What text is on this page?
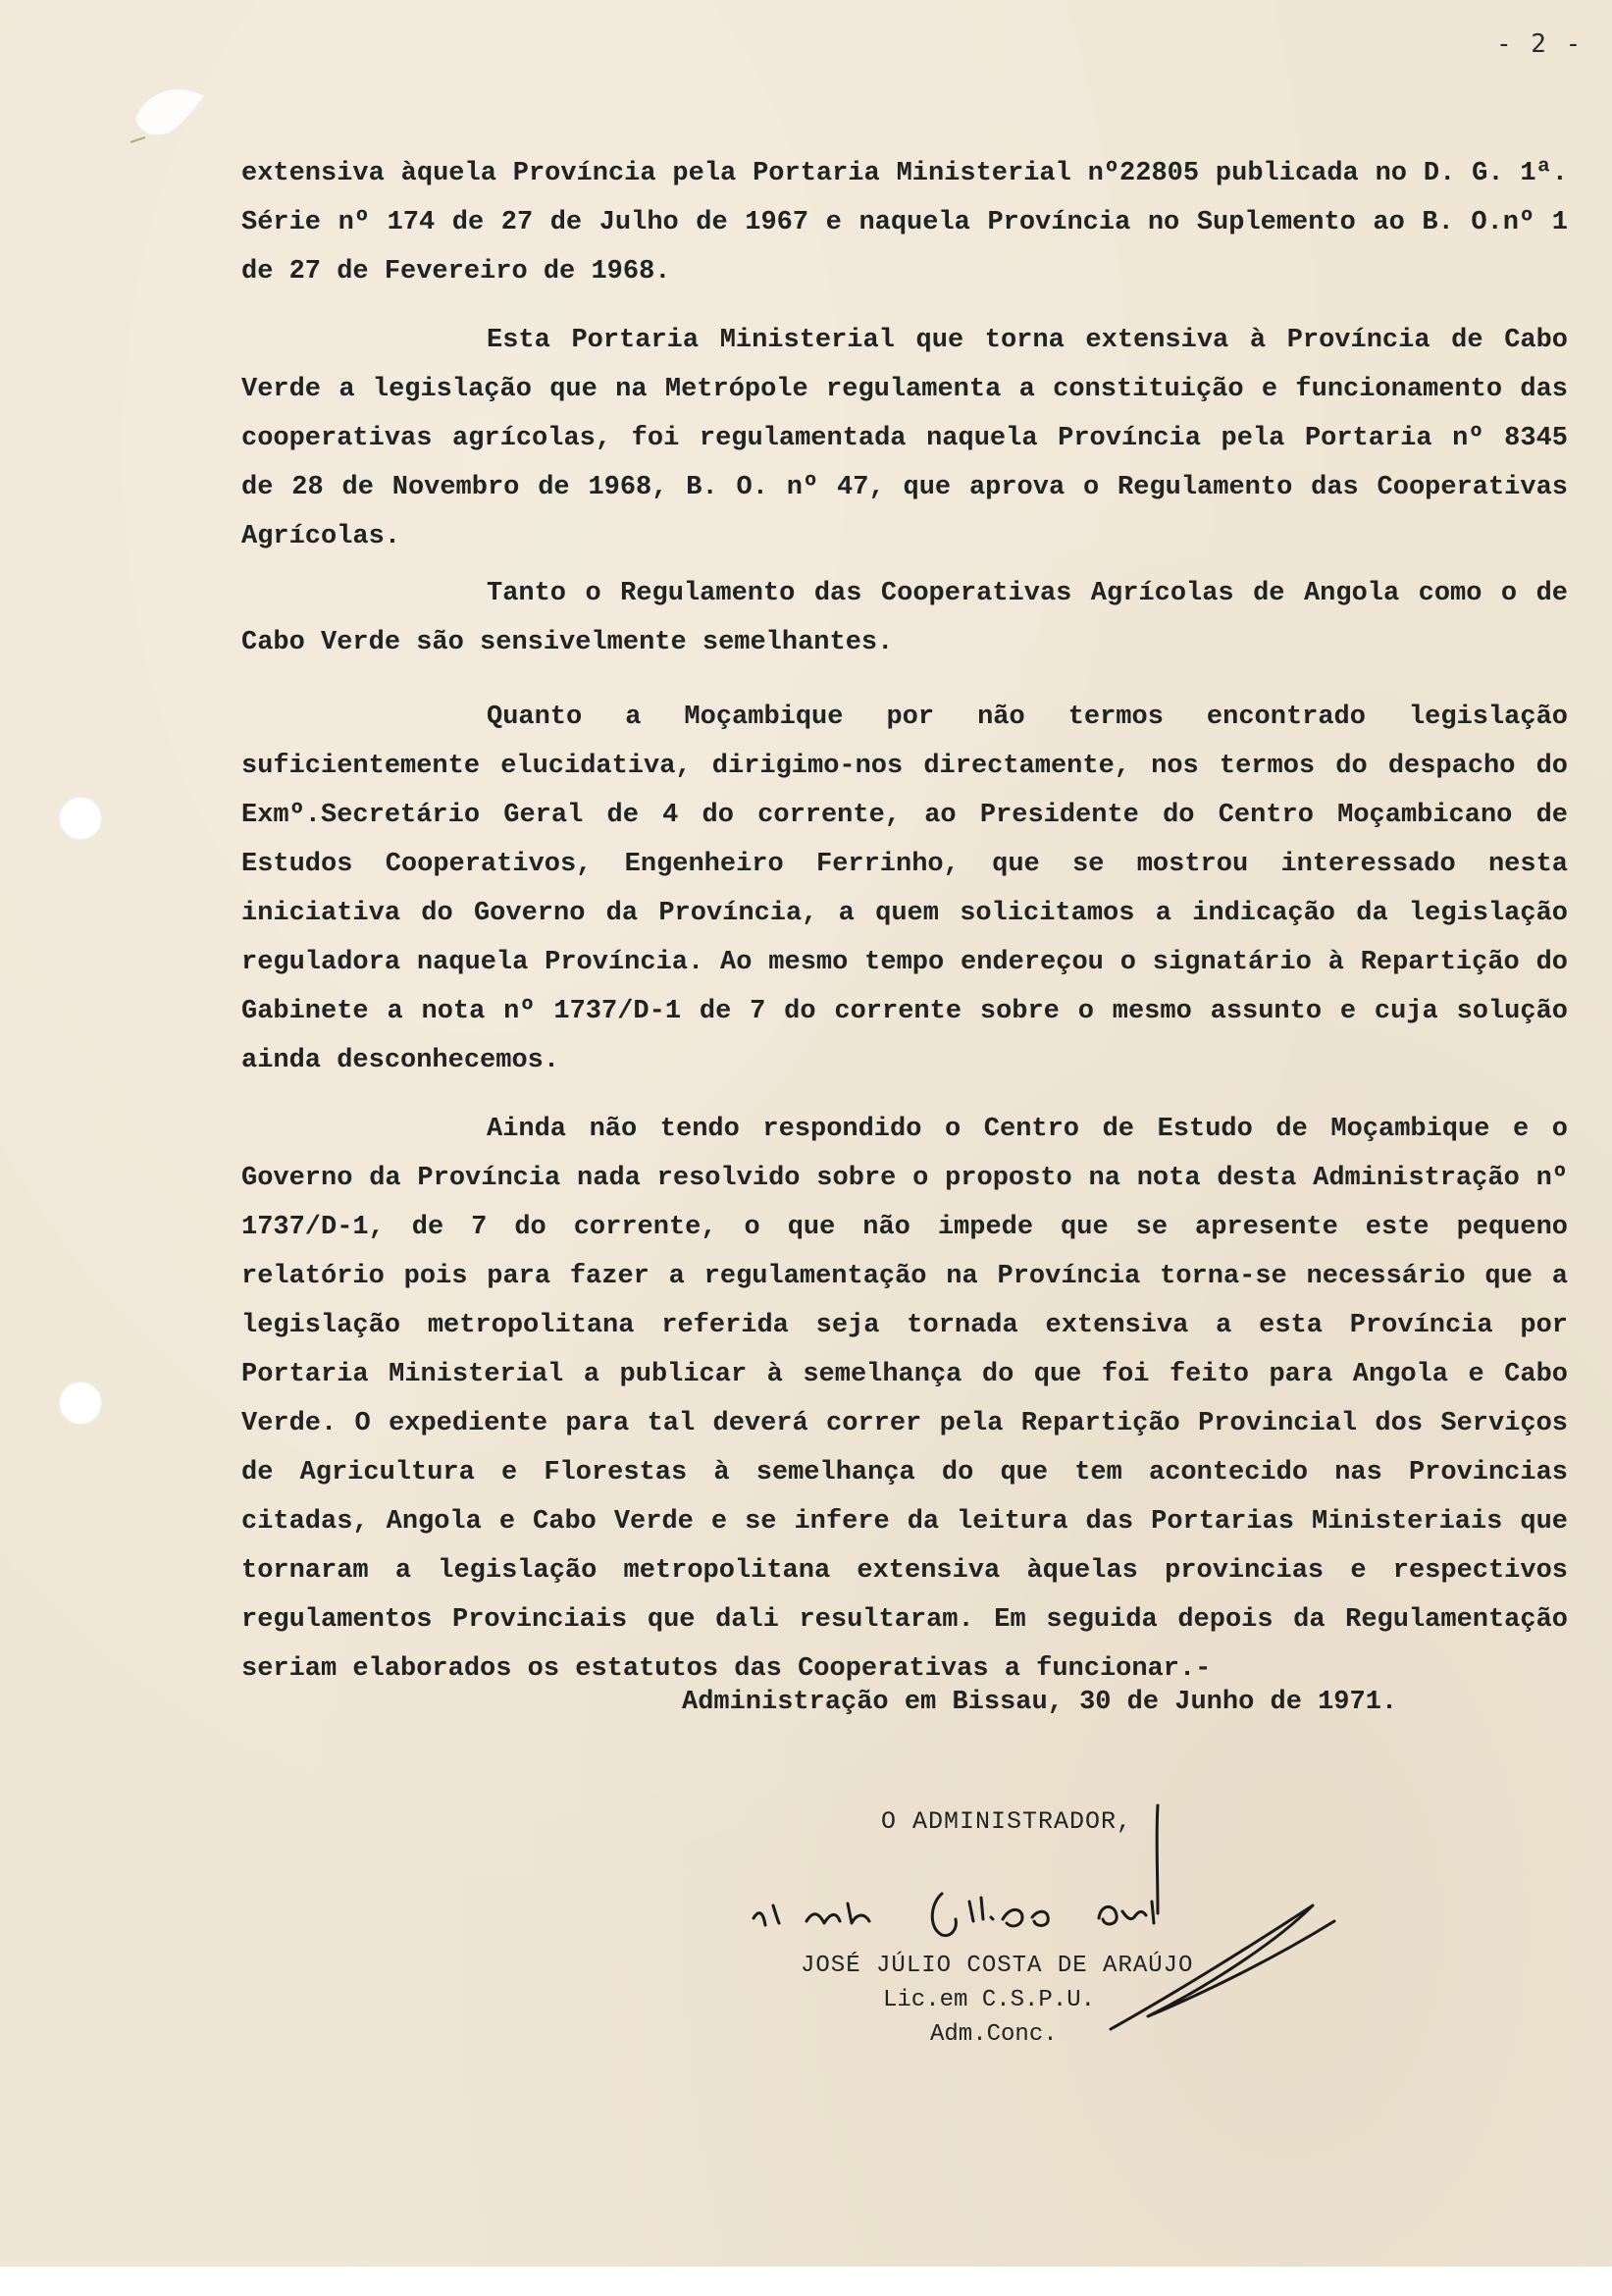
- 2 -

extensiva àquela Província pela Portaria Ministerial nº22805 publicada no D. G. 1ª. Série nº 174 de 27 de Julho de 1967 e naquela Província no Suplemento ao B. O.nº 1 de 27 de Fevereiro de 1968.

Esta Portaria Ministerial que torna extensiva à Província de Cabo Verde a legislação que na Metrópole regulamenta a constituição e funcionamento das cooperativas agrícolas, foi regulamentada naquela Província pela Portaria nº 8345 de 28 de Novembro de 1968, B. O. nº 47, que aprova o Regulamento das Cooperativas Agrícolas.

Tanto o Regulamento das Cooperativas Agrícolas de Angola como o de Cabo Verde são sensivelmente semelhantes.

Quanto a Moçambique por não termos encontrado legislação suficientemente elucidativa, dirigimo-nos directamente, nos termos do despacho do Exmº.Secretário Geral de 4 do corrente, ao Presidente do Centro Moçambicano de Estudos Cooperativos, Engenheiro Ferrinho, que se mostrou interessado nesta iniciativa do Governo da Província, a quem solicitamos a indicação da legislação reguladora naquela Província. Ao mesmo tempo endereçou o signatário à Repartição do Gabinete a nota nº 1737/D-1 de 7 do corrente sobre o mesmo assunto e cuja solução ainda desconhecemos.

Ainda não tendo respondido o Centro de Estudo de Moçambique e o Governo da Província nada resolvido sobre o proposto na nota desta Administração nº 1737/D-1, de 7 do corrente, o que não impede que se apresente este pequeno relatório pois para fazer a regulamentação na Província torna-se necessário que a legislação metropolitana referida seja tornada extensiva a esta Província por Portaria Ministerial a publicar à semelhança do que foi feito para Angola e Cabo Verde. O expediente para tal deverá correr pela Repartição Provincial dos Serviços de Agricultura e Florestas à semelhança do que tem acontecido nas Provincias citadas, Angola e Cabo Verde e se infere da leitura das Portarias Ministeriais que tornaram a legislação metropolitana extensiva àquelas provincias e respectivos regulamentos Provinciais que dali resultaram. Em seguida depois da Regulamentação seriam elaborados os estatutos das Cooperativas a funcionar.-

Administração em Bissau, 30 de Junho de 1971.
O ADMINISTRADOR,
JOSÉ JÚLIO COSTA DE ARAÚJO
Lic.em C.S.P.U.
Adm.Conc.
